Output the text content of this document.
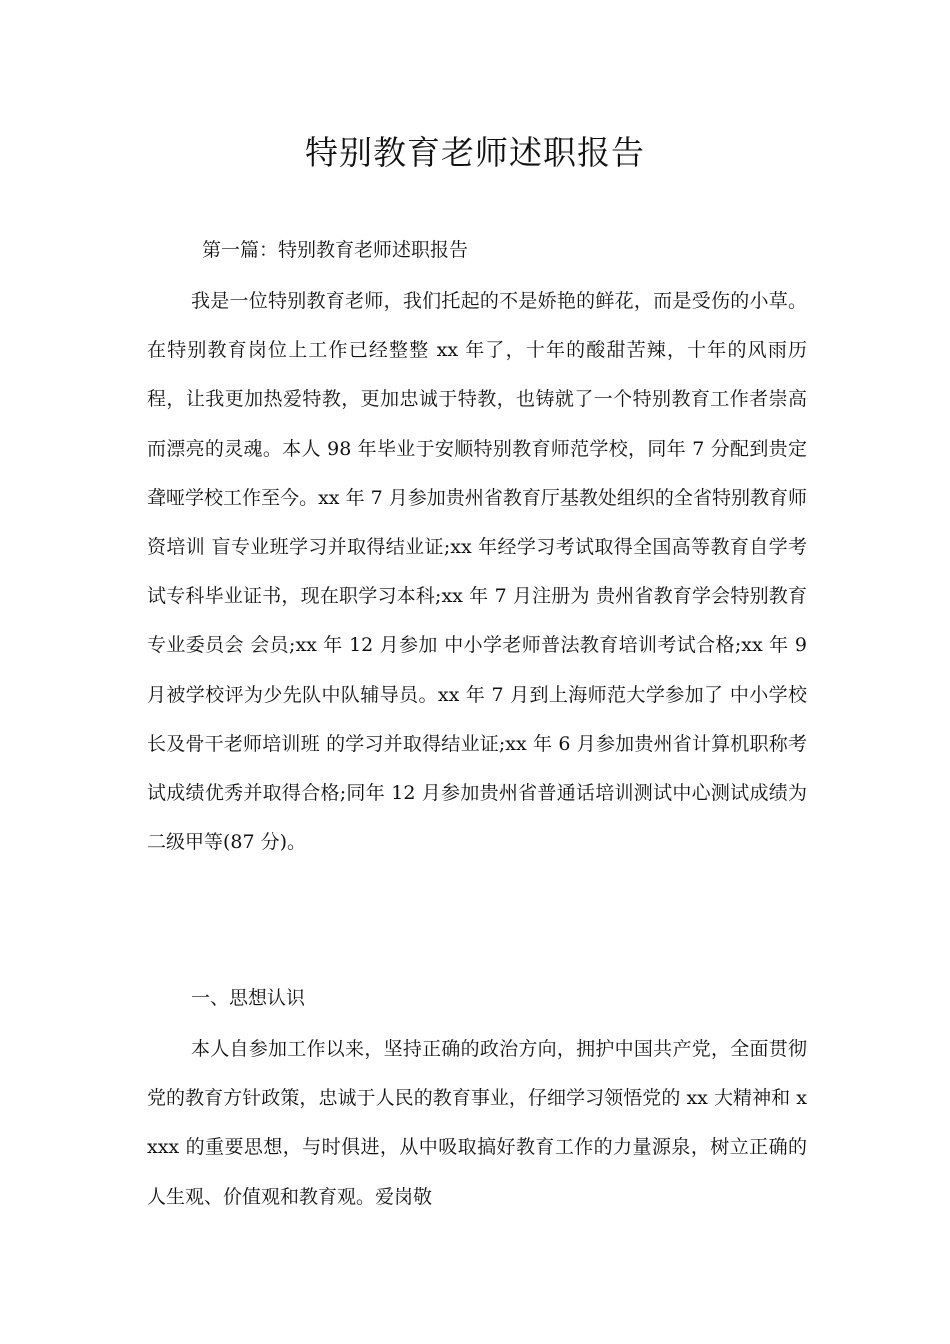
特别教育老师述职报告

第一篇：特别教育老师述职报告

我是一位特别教育老师，我们托起的不是娇艳的鲜花，而是受伤的小草。在特别教育岗位上工作已经整整 xx 年了，十年的酸甜苦辣，十年的风雨历程，让我更加热爱特教，更加忠诚于特教，也铸就了一个特别教育工作者崇高而漂亮的灵魂。本人 98 年毕业于安顺特别教育师范学校，同年 7 分配到贵定聋哑学校工作至今。xx 年 7 月参加贵州省教育厅基教处组织的全省特别教育师资培训 盲专业班学习并取得结业证;xx 年经学习考试取得全国高等教育自学考试专科毕业证书，现在职学习本科;xx 年 7 月注册为 贵州省教育学会特别教育专业委员会 会员;xx 年 12 月参加 中小学老师普法教育培训考试合格;xx 年 9 月被学校评为少先队中队辅导员。xx 年 7 月到上海师范大学参加了 中小学校长及骨干老师培训班 的学习并取得结业证;xx 年 6 月参加贵州省计算机职称考试成绩优秀并取得合格;同年 12 月参加贵州省普通话培训测试中心测试成绩为二级甲等(87 分)。

一、思想认识

本人自参加工作以来，坚持正确的政治方向，拥护中国共产党，全面贯彻党的教育方针政策，忠诚于人民的教育事业，仔细学习领悟党的 xx 大精神和 xxxx 的重要思想，与时俱进，从中吸取搞好教育工作的力量源泉，树立正确的人生观、价值观和教育观。爱岗敬
